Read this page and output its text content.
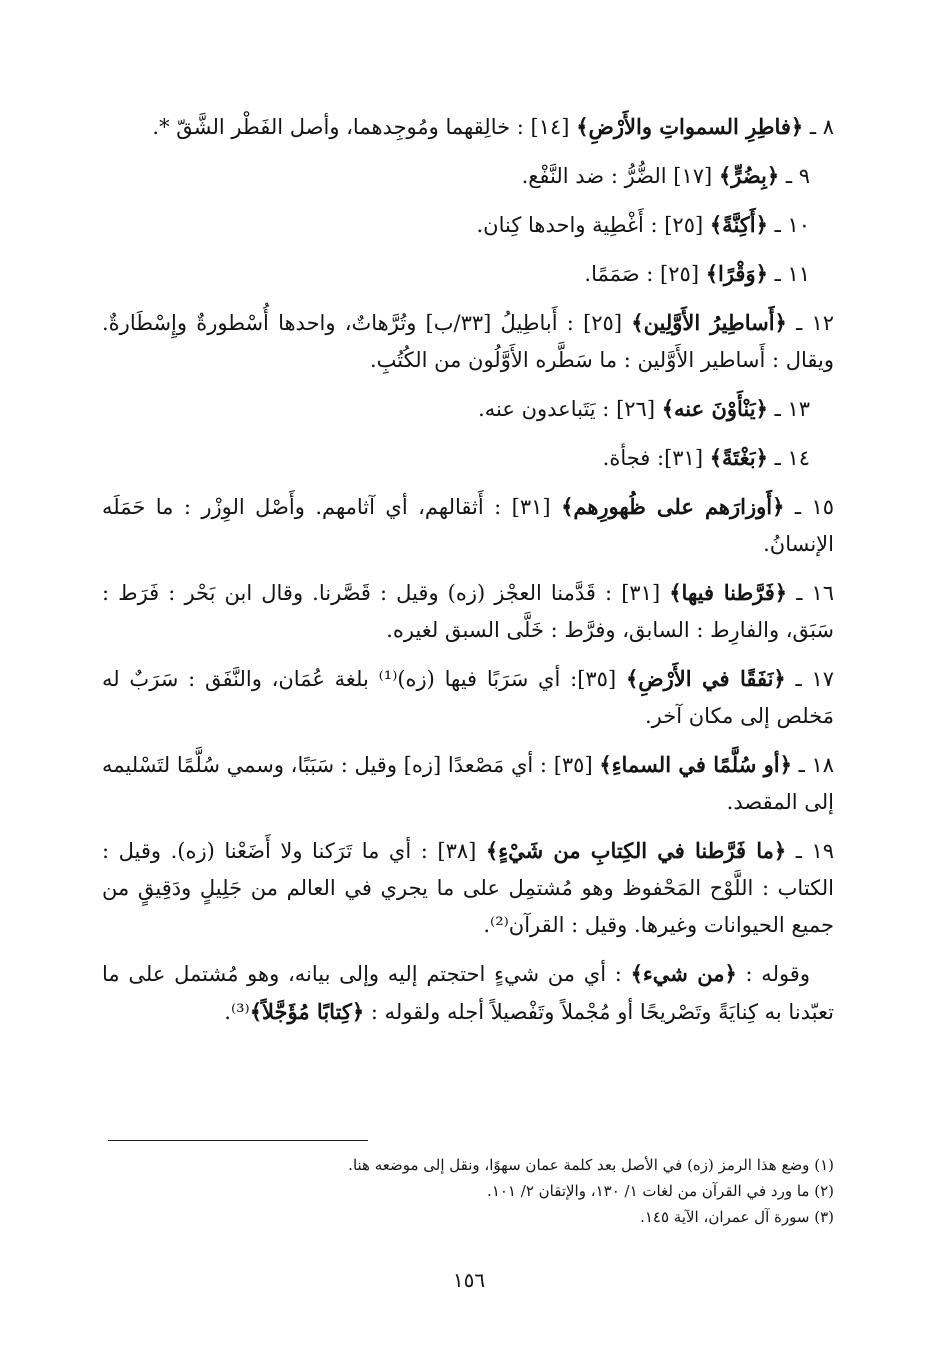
٨ ـ ﴿فاطِرِ السمواتِ والأَرْضِ﴾ [١٤] : خالِقهما ومُوجِدهما، وأصل الفَطْر الشَّقّ *.

٩ ـ ﴿بِضُرٍّ﴾ [١٧] الضُّرُّ : ضد النَّفْع.

١٠ ـ ﴿أَكِنَّةً﴾ [٢٥] : أَغْطِية واحدها كِنان.

١١ ـ ﴿وَقْرًا﴾ [٢٥] : صَمَمًا.

١٢ ـ ﴿أَساطِيرُ الأَوَّلِين﴾ [٢٥] : أَباطِيلُ [٣٣/ب] وتُرَّهاتٌ، واحدها أُسْطورةٌ وإِسْطَارةٌ. ويقال : أَساطير الأَوَّلين : ما سَطَّره الأَوَّلُون من الكُتُبِ.

١٣ ـ ﴿يَنْأَوْنَ عنه﴾ [٢٦] : يَتَباعدون عنه.

١٤ ـ ﴿بَغْتَةً﴾ [٣١]: فجأة.

١٥ ـ ﴿أَوزارَهم على ظُهورِهم﴾ [٣١] : أَثقالهم، أي آثامهم. وأَصْل الوِزْر : ما حَمَلَه الإنسانُ.

١٦ ـ ﴿فَرَّطنا فيها﴾ [٣١] : قَدَّمنا العجْز (زه) وقيل : قَصَّرنا. وقال ابن بَحْر : فَرَط : سَبَق، والفارِط : السابق، وفرَّط : خَلَّى السبق لغيره.

١٧ ـ ﴿نَفَقًا في الأَرْضِ﴾ [٣٥]: أي سَرَبًا فيها (زه)⁽¹⁾ بلغة عُمَان، والنَّفَق : سَرَبٌ له مَخلص إلى مكان آخر.

١٨ ـ ﴿أو سُلَّمًا في السماءِ﴾ [٣٥] : أي مَصْعدًا [زه] وقيل : سَبَبًا، وسمي سُلَّمًا لتَسْليمه إلى المقصد.

١٩ ـ ﴿ما فَرَّطنا في الكِتابِ من شَيْءٍ﴾ [٣٨] : أي ما تَرَكنا ولا أَضَعْنا (زه). وقيل : الكتاب : اللَّوْح المَحْفوظ وهو مُشتمِل على ما يجري في العالم من جَلِيلٍ ودَقِيقٍ من جميع الحيوانات وغيرها. وقيل : القرآن⁽²⁾.

وقوله : ﴿من شيء﴾ : أي من شيءٍ احتجتم إليه وإلى بيانه، وهو مُشتمل على ما تعبّدنا به كِنايَةً وتَصْريحًا أو مُجْملاً وتَفْصيلاً أجله ولقوله : ﴿كِتابًا مُؤَجَّلاً﴾⁽³⁾.

(١) وضع هذا الرمز (زه) في الأصل بعد كلمة عمان سهوًا، ونقل إلى موضعه هنا.

(٢) ما ورد في القرآن من لغات ١/ ١٣٠، والإتقان ٢/ ١٠١.

(٣) سورة آل عمران، الآية ١٤٥.

١٥٦
